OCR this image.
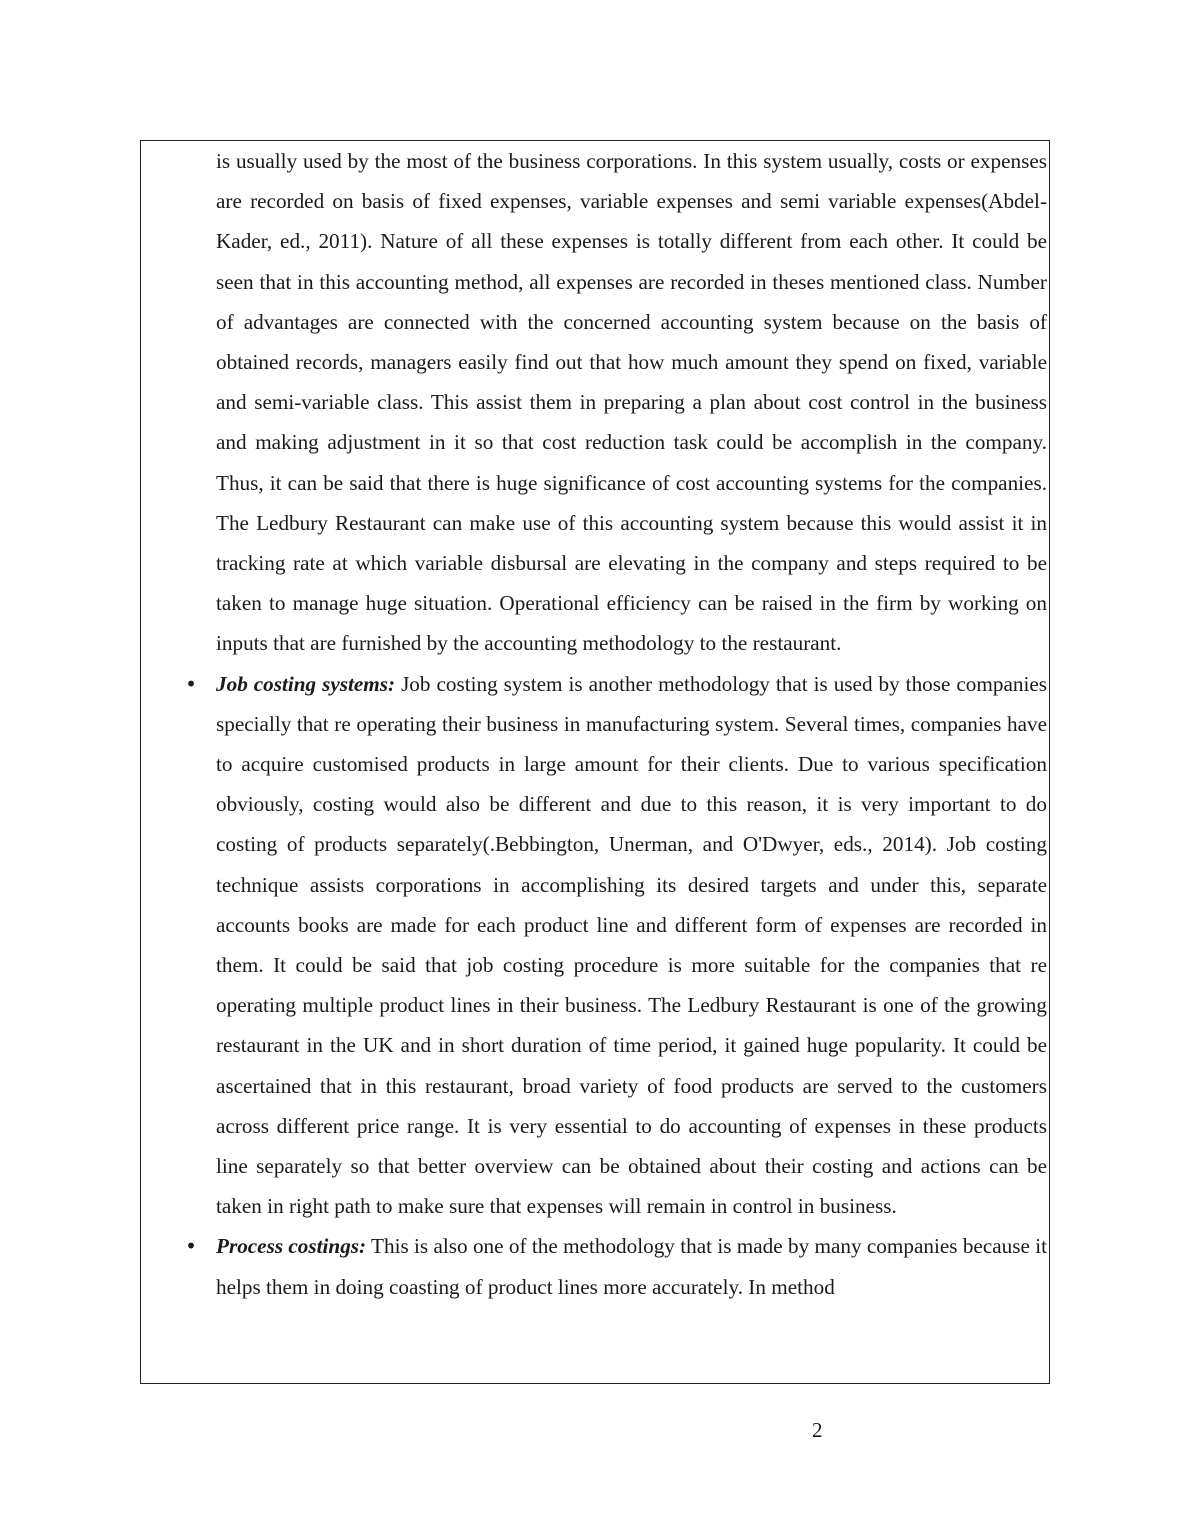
is usually used by the most of the business corporations. In this system usually, costs or expenses are recorded on basis of fixed expenses, variable expenses and semi variable expenses(Abdel-Kader, ed., 2011). Nature of all these expenses is totally different from each other. It could be seen that in this accounting method, all expenses are recorded in theses mentioned class. Number of advantages are connected with the concerned accounting system because on the basis of obtained records, managers easily find out that how much amount they spend on fixed, variable and semi-variable class. This assist them in preparing a plan about cost control in the business and making adjustment in it so that cost reduction task could be accomplish in the company. Thus, it can be said that there is huge significance of cost accounting systems for the companies. The Ledbury Restaurant can make use of this accounting system because this would assist it in tracking rate at which variable disbursal are elevating in the company and steps required to be taken to manage huge situation. Operational efficiency can be raised in the firm by working on inputs that are furnished by the accounting methodology to the restaurant.

• Job costing systems: Job costing system is another methodology that is used by those companies specially that re operating their business in manufacturing system. Several times, companies have to acquire customised products in large amount for their clients. Due to various specification obviously, costing would also be different and due to this reason, it is very important to do costing of products separately(.Bebbington, Unerman, and O'Dwyer, eds., 2014). Job costing technique assists corporations in accomplishing its desired targets and under this, separate accounts books are made for each product line and different form of expenses are recorded in them. It could be said that job costing procedure is more suitable for the companies that re operating multiple product lines in their business. The Ledbury Restaurant is one of the growing restaurant in the UK and in short duration of time period, it gained huge popularity. It could be ascertained that in this restaurant, broad variety of food products are served to the customers across different price range. It is very essential to do accounting of expenses in these products line separately so that better overview can be obtained about their costing and actions can be taken in right path to make sure that expenses will remain in control in business.

• Process costings: This is also one of the methodology that is made by many companies because it helps them in doing coasting of product lines more accurately. In method

2
